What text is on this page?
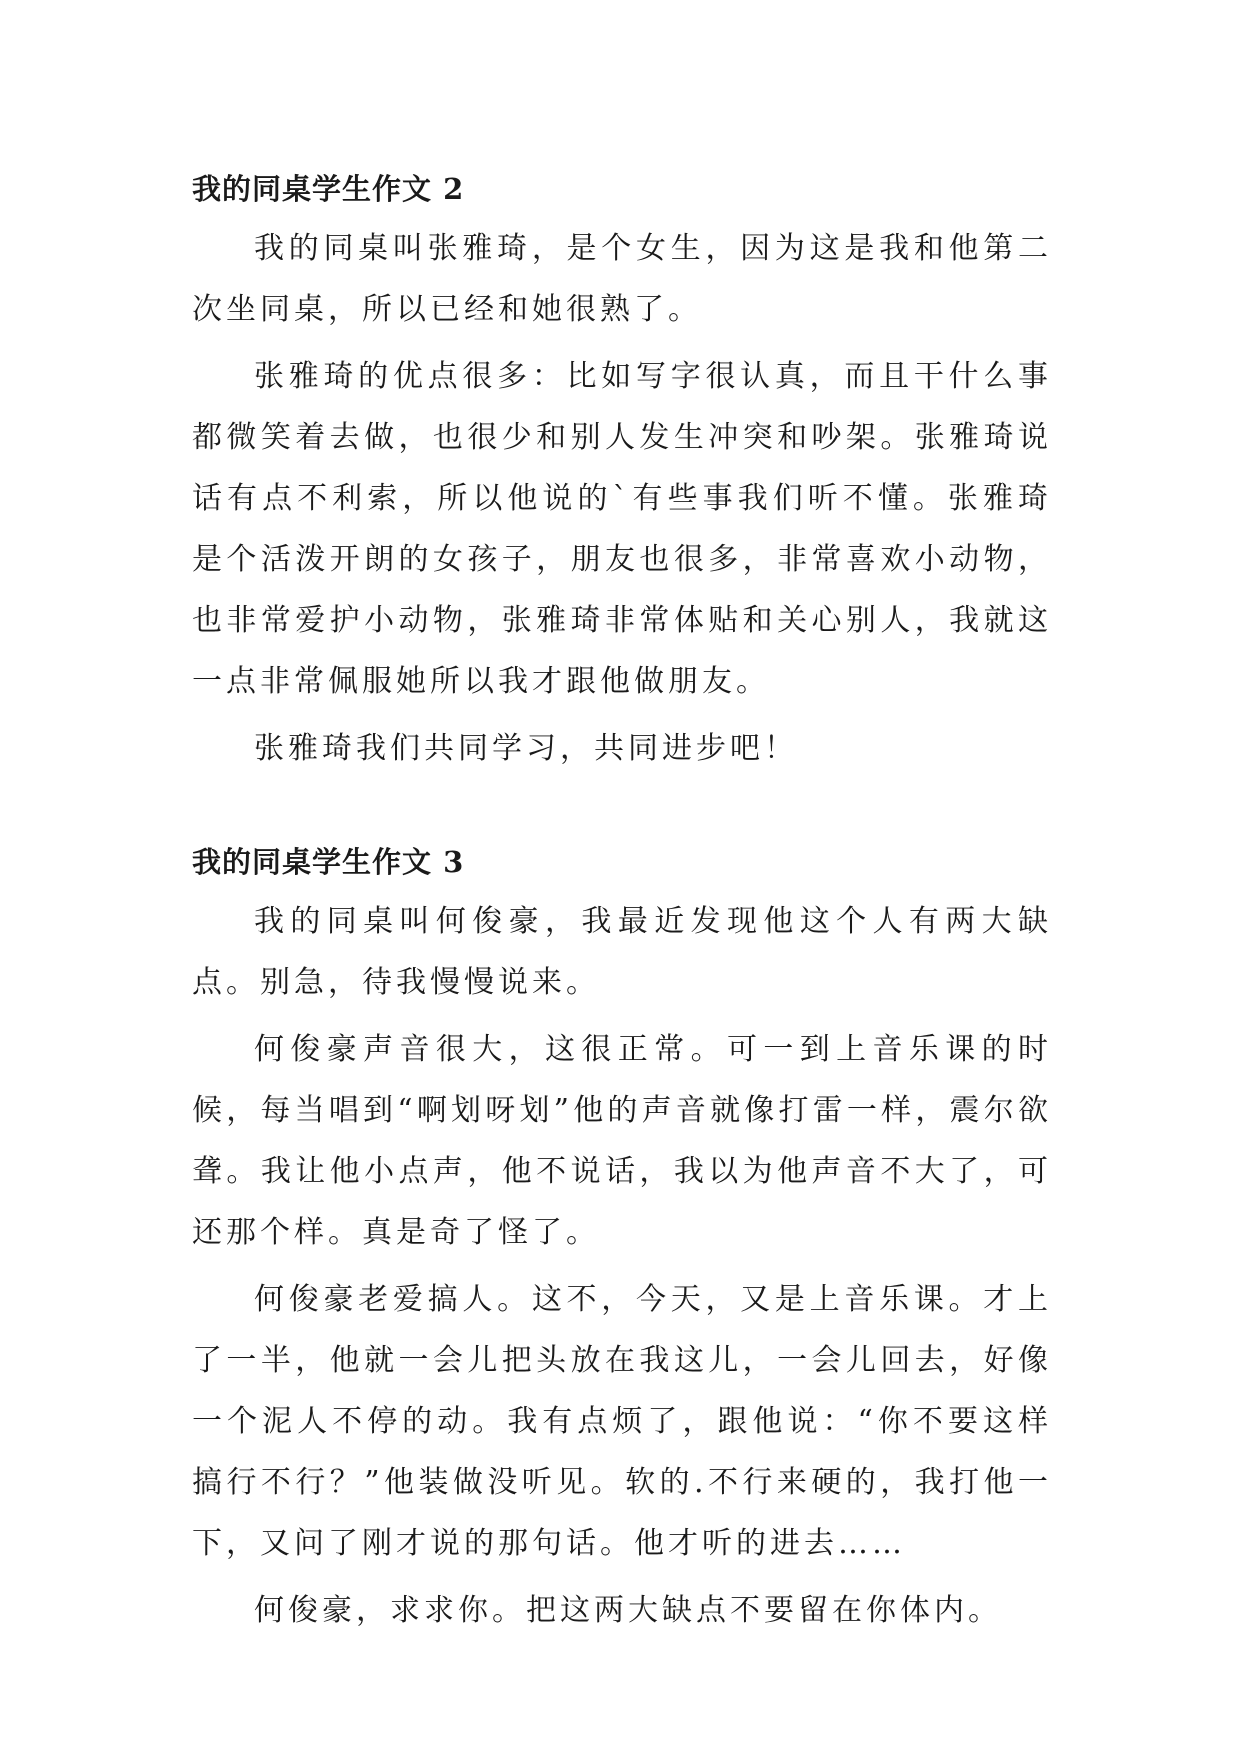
我的同桌学生作文 2

我的同桌叫张雅琦，是个女生，因为这是我和他第二次坐同桌，所以已经和她很熟了。

张雅琦的优点很多：比如写字很认真，而且干什么事都微笑着去做，也很少和别人发生冲突和吵架。张雅琦说话有点不利索，所以他说的`有些事我们听不懂。张雅琦是个活泼开朗的女孩子，朋友也很多，非常喜欢小动物，也非常爱护小动物，张雅琦非常体贴和关心别人，我就这一点非常佩服她所以我才跟他做朋友。

张雅琦我们共同学习，共同进步吧！

我的同桌学生作文 3

我的同桌叫何俊豪，我最近发现他这个人有两大缺点。别急，待我慢慢说来。

何俊豪声音很大，这很正常。可一到上音乐课的时候，每当唱到“啊划呀划”他的声音就像打雷一样，震尔欲聋。我让他小点声，他不说话，我以为他声音不大了，可还那个样。真是奇了怪了。

何俊豪老爱搞人。这不，今天，又是上音乐课。才上了一半，他就一会儿把头放在我这儿，一会儿回去，好像一个泥人不停的动。我有点烦了，跟他说：“你不要这样搞行不行？”他装做没听见。软的.不行来硬的，我打他一下，又问了刚才说的那句话。他才听的进去……

何俊豪，求求你。把这两大缺点不要留在你体内。
